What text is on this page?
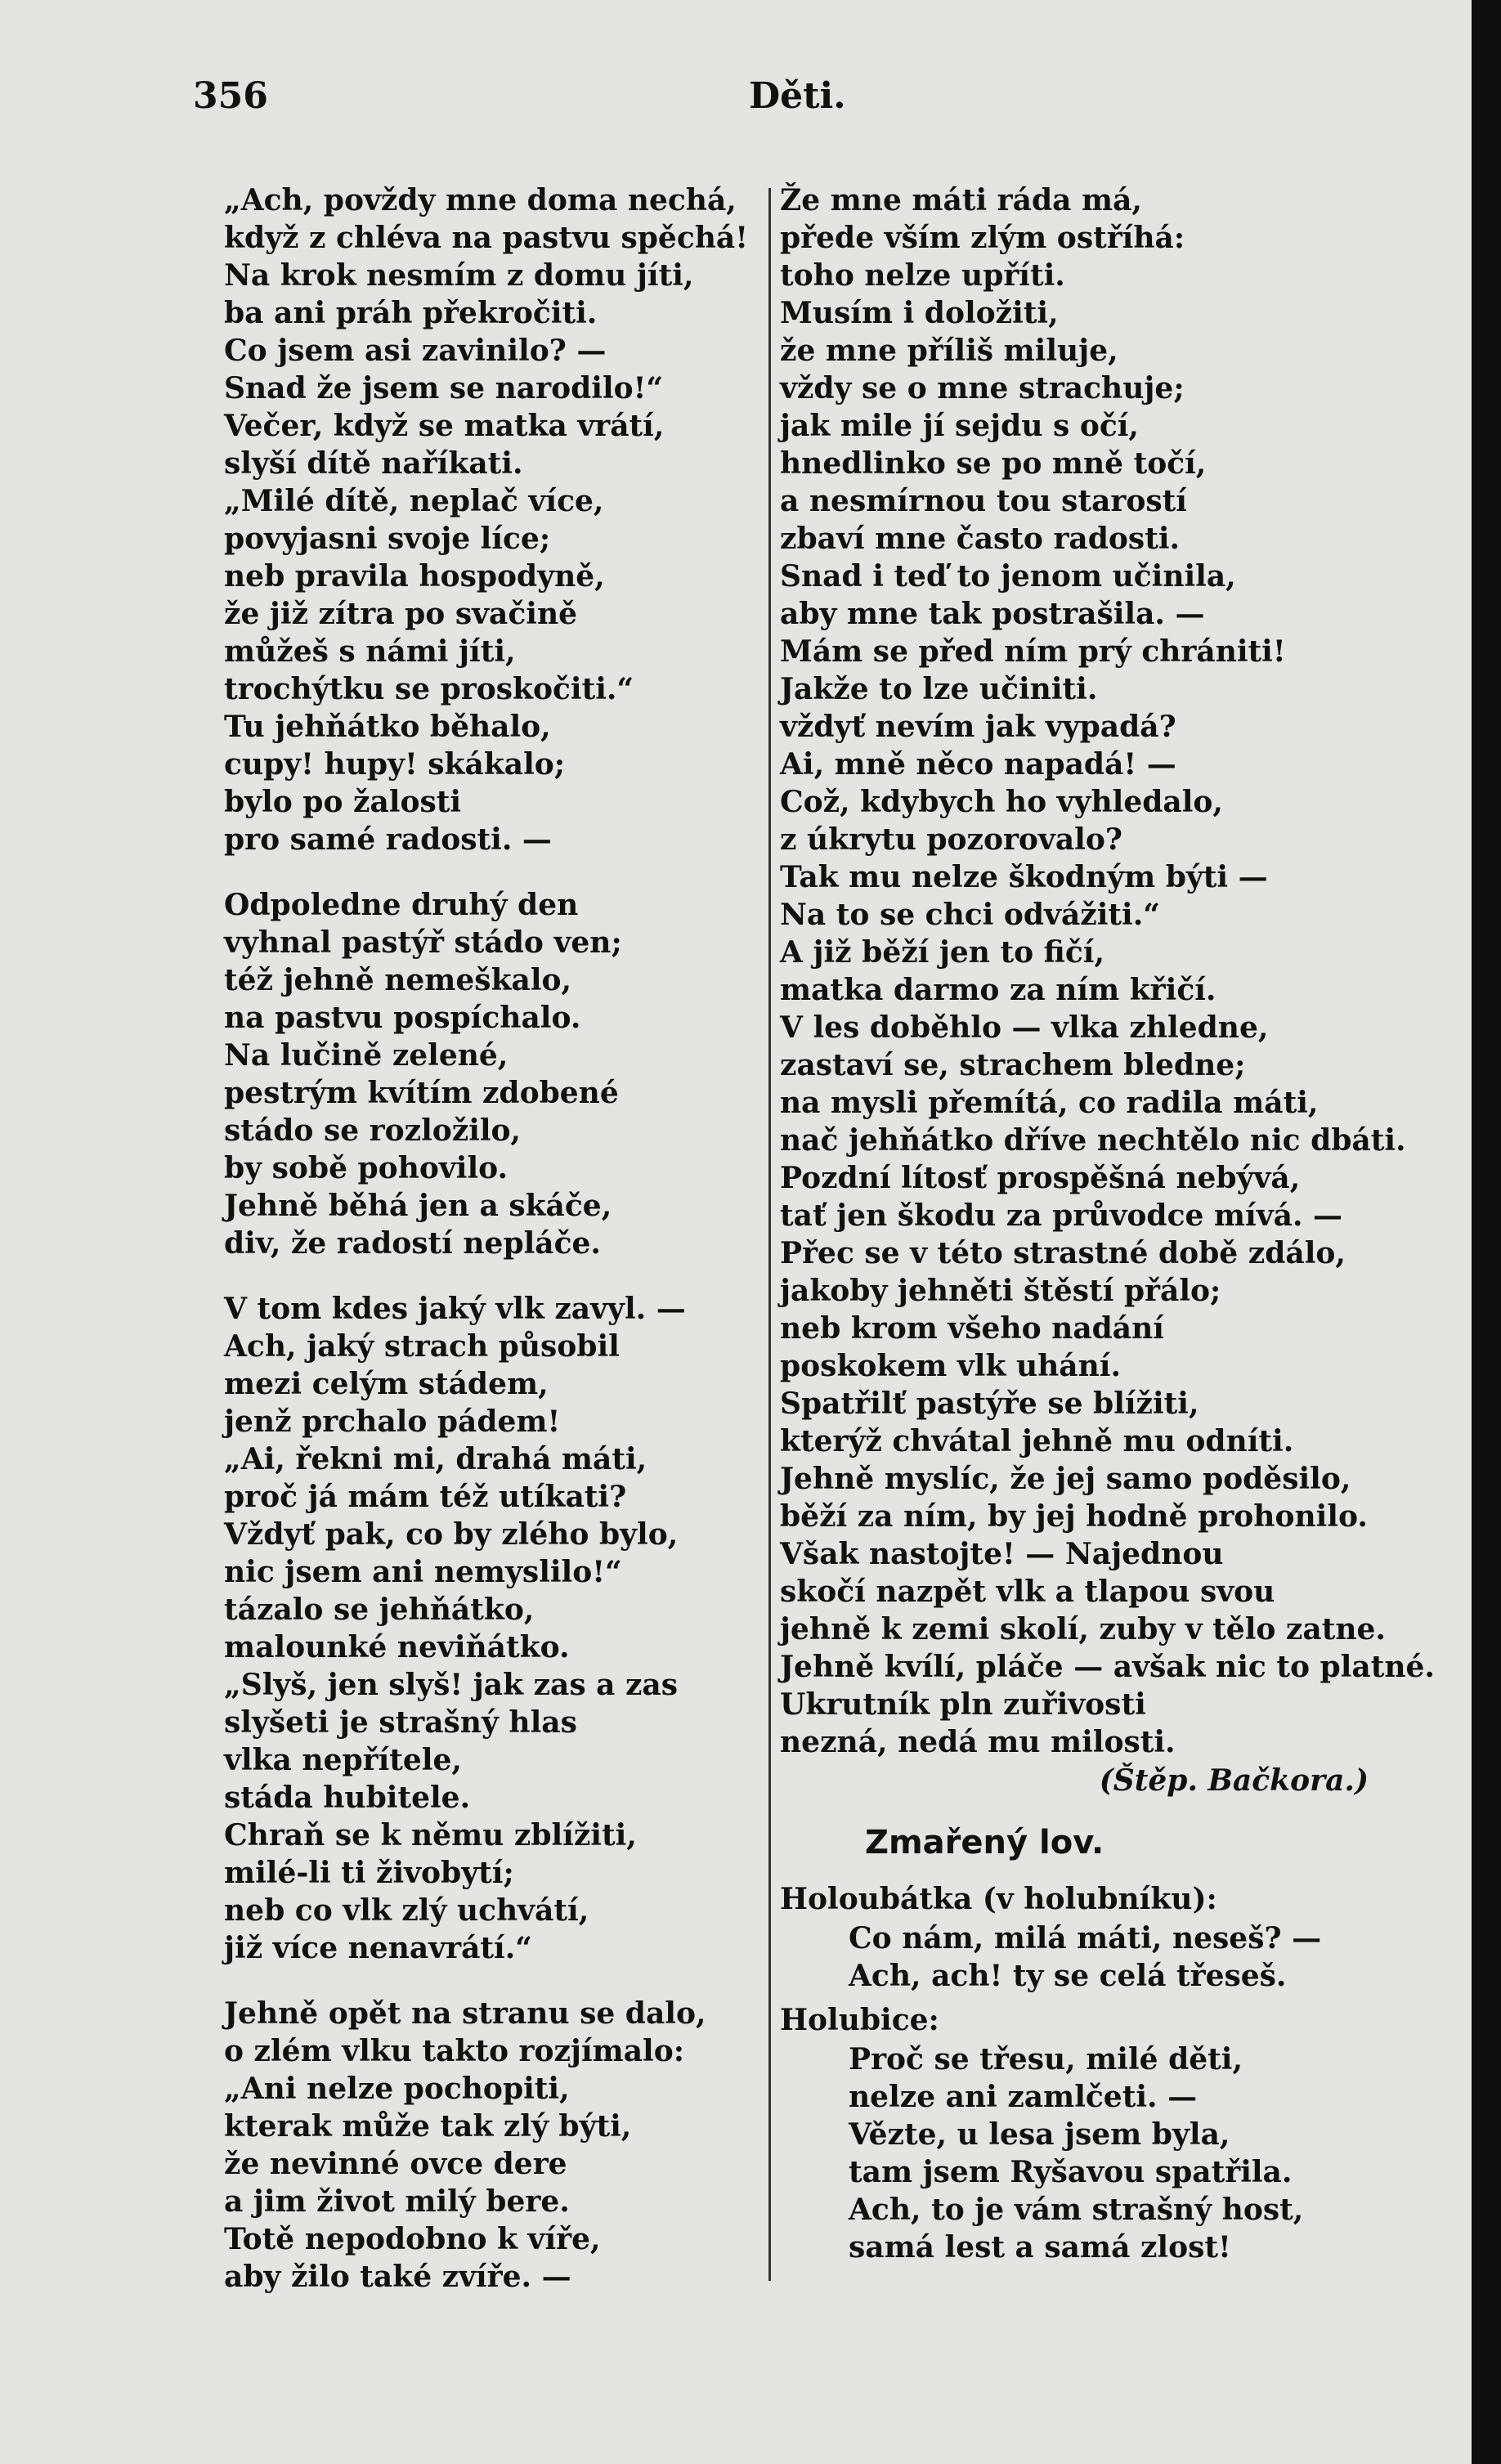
356	Děti.
„Ach, povždy mne doma nechá,
když z chléva na pastvu spěchá!
Na krok nesmím z domu jíti,
ba ani práh překročiti.
Co jsem asi zavinilo? —
Snad že jsem se narodilo!“
Večer, když se matka vrátí,
slyší dítě naříkati.
„Milé dítě, neplač více,
povyjasni svoje líce;
neb pravila hospodyně,
že již zítra po svačině
můžeš s námi jíti,
trochýtku se proskočiti.“
Tu jehňátko běhalo,
cupy! hupy! skákalo;
bylo po žalosti
pro samé radosti. —
Odpoledne druhý den
vyhnal pastýř stádo ven;
též jehně nemeškalo,
na pastvu pospíchalo.
Na lučině zelené,
pestrým kvítím zdobené
stádo se rozložilo,
by sobě pohovilo.
Jehně běhá jen a skáče,
div, že radostí nepláče.
V tom kdes jaký vlk zavyl. —
Ach, jaký strach působil
mezi celým stádem,
jenž prchalo pádem!
„Ai, řekni mi, drahá máti,
proč já mám též utíkati?
Vždyť pak, co by zlého bylo,
nic jsem ani nemyslilo!“
tázalo se jehňátko,
malounké neviňátko.
„Slyš, jen slyš! jak zas a zas
slyšeti je strašný hlas
vlka nepřítele,
stáda hubitele.
Chraň se k němu zblížiti,
milé-li ti živobytí;
neb co vlk zlý uchvátí,
již více nenavrátí.“
Jehně opět na stranu se dalo,
o zlém vlku takto rozjímalo:
„Ani nelze pochopiti,
kterak může tak zlý býti,
že nevinné ovce dere
a jim život milý bere.
Totě nepodobno k víře,
aby žilo také zvíře. —
Že mne máti ráda má,
přede vším zlým ostříhá:
toho nelze upříti.
Musím i doložiti,
že mne příliš miluje,
vždy se o mne strachuje;
jak mile jí sejdu s očí,
hnedlinko se po mně točí,
a nesmírnou tou starostí
zbaví mne často radosti.
Snad i teď to jenom učinila,
aby mne tak postrašila. —
Mám se před ním prý chrániti!
Jakže to lze učiniti.
vždyť nevím jak vypadá?
Ai, mně něco napadá! —
Což, kdybych ho vyhledalo,
z úkrytu pozorovalo?
Tak mu nelze škodným býti —
Na to se chci odvážiti.“
A již běží jen to fičí,
matka darmo za ním křičí.
V les doběhlo — vlka zhledne,
zastaví se, strachem bledne;
na mysli přemítá, co radila máti,
nač jehňátko dříve nechtělo nic dbáti.
Pozdní lítosť prospěšná nebývá,
tať jen škodu za průvodce mívá. —
Přec se v této strastné době zdálo,
jakoby jehněti štěstí přálo;
neb krom všeho nadání
poskokem vlk uhání.
Spatřilť pastýře se blížiti,
kterýž chvátal jehně mu odníti.
Jehně myslíc, že jej samo poděsilo,
běží za ním, by jej hodně prohonilo.
Však nastojte! — Najednou
skočí nazpět vlk a tlapou svou
jehně k zemi skolí, zuby v tělo zatne.
Jehně kvílí, pláče — avšak nic to platné.
Ukrutník pln zuřivosti
nezná, nedá mu milosti.
(Štěp. Bačkora.)
Zmařený lov.
Holoubátka (v holubníku):
Co nám, milá máti, neseš? —
Ach, ach! ty se celá třeseš.
Holubice:
Proč se třesu, milé děti,
nelze ani zamlčeti. —
Vězte, u lesa jsem byla,
tam jsem Ryšavou spatřila.
Ach, to je vám strašný host,
samá lest a samá zlost!
